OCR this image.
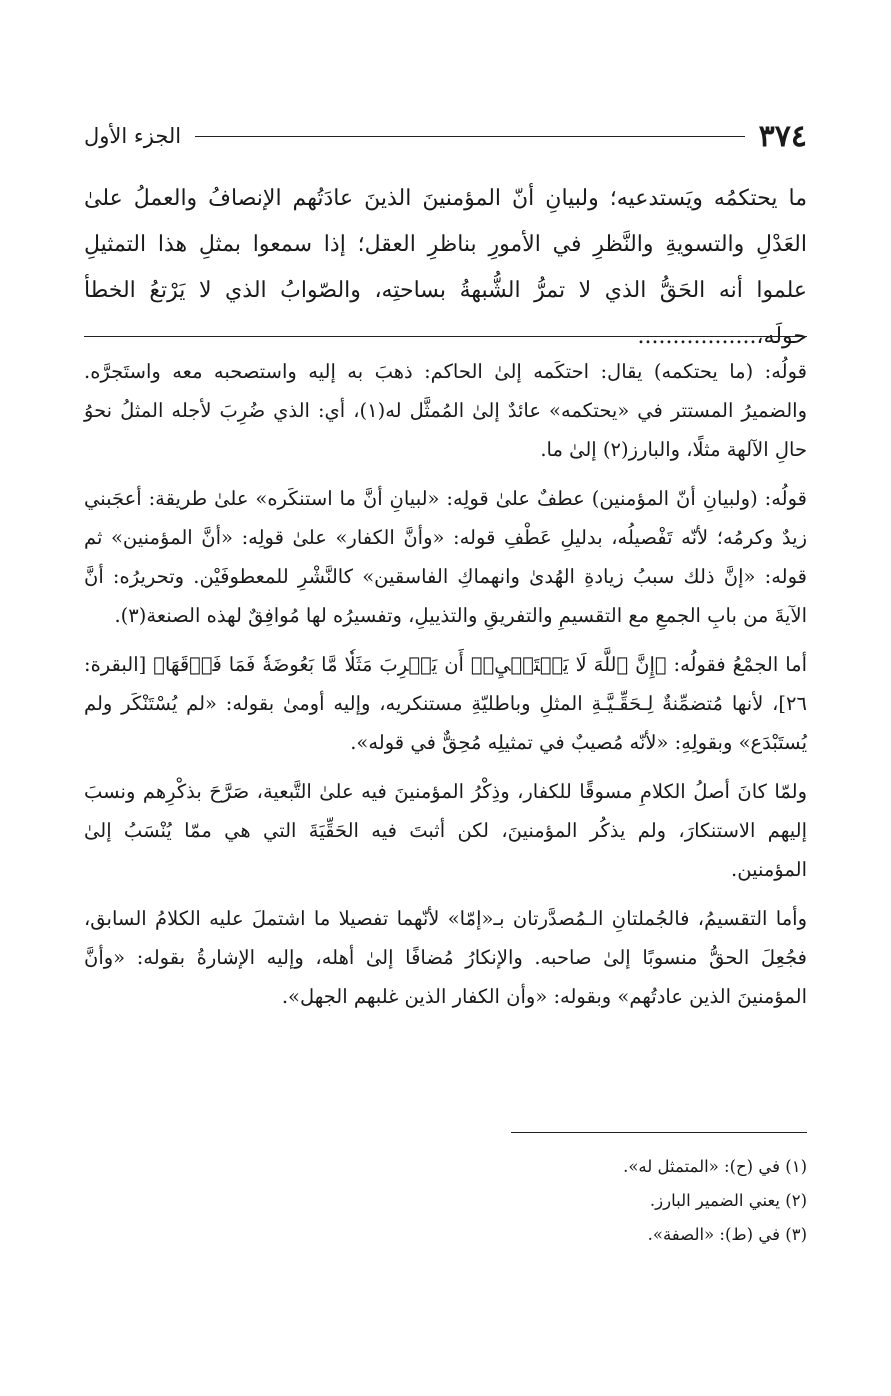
٣٧٤
الجزء الأول

ما يحتكمُه ويَستدعيه؛ ولبيانِ أنّ المؤمنينَ الذينَ عادَتُهم الإنصافُ والعملُ علىٰ العَدْلِ والتسويةِ والنَّظرِ في الأمورِ بناظرِ العقل؛ إذا سمعوا بمثلِ هذا التمثيلِ علموا أنه الحَقُّ الذي لا تمرُّ الشُّبهةُ بساحتِه، والصّوابُ الذي لا يَرْتعُ الخطأ حولَه،.................

قولُه: (ما يحتكمه) يقال: احتكَمه إلىٰ الحاكم: ذهبَ به إليه واستصحبه معه واستَجرَّه. والضميرُ المستتر في «يحتكمه» عائدٌ إلىٰ المُمثَّل له(١)، أي: الذي ضُرِبَ لأجله المثلُ نحوُ حالِ الآلهة مثلًا، والبارز(٢) إلىٰ ما.

قولُه: (ولبيانِ أنّ المؤمنين) عطفٌ علىٰ قولِه: «لبيانِ أنَّ ما استنكَره» علىٰ طريقة: أعجَبني زيدٌ وكرمُه؛ لأنّه تَفْصيلُه، بدليلِ عَطْفِ قوله: «وأنَّ الكفار» علىٰ قولِه: «أنَّ المؤمنين» ثم قوله: «إنَّ ذلك سببُ زيادةِ الهُدىٰ وانهماكِ الفاسقين» كالنَّشْرِ للمعطوفَيْن. وتحريرُه: أنَّ الآيةَ من بابِ الجمعِ مع التقسيمِ والتفريقِ والتذييلِ، وتفسيرُه لها مُوافِقٌ لهذه الصنعة(٣).

أما الجمْعُ فقولُه: ﴿إِنَّ ٱللَّهَ لَا يَسۡتَحۡيِۦٓ أَن يَضۡرِبَ مَثَلٗا مَّا بَعُوضَةٗ فَمَا فَوۡقَهَا﴾ [البقرة: ٢٦]، لأنها مُتضمِّنةٌ لِـحَقِّـيَّـةِ المثلِ وباطليّةِ مستنكريه، وإليه أومىٰ بقوله: «لم يُسْتَنْكَر ولم يُستَبْدَع» وبقولِهِ: «لأنّه مُصيبٌ في تمثيلِه مُحِقٌّ في قوله».

ولمّا كانَ أصلُ الكلامِ مسوقًا للكفار، وذِكْرُ المؤمنينَ فيه علىٰ التَّبعية، صَرَّحَ بذكْرِهم ونسبَ إليهم الاستنكارَ، ولم يذكُر المؤمنينَ، لكن أثبتَ فيه الحَقِّيَةَ التي هي ممّا يُنْسَبُ إلىٰ المؤمنين.

وأما التقسيمُ، فالجُملتانِ الـمُصدَّرتان بـ«إمّا» لأنّهما تفصيلا ما اشتملَ عليه الكلامُ السابق، فجُعِلَ الحقُّ منسوبًا إلىٰ صاحبه. والإنكارُ مُضافًا إلىٰ أهله، وإليه الإشارةُ بقوله: «وأنَّ المؤمنينَ الذين عادتُهم» وبقوله: «وأن الكفار الذين غلبهم الجهل».

(١) في (ح): «المتمثل له».

(٢) يعني الضمير البارز.

(٣) في (ط): «الصفة».
